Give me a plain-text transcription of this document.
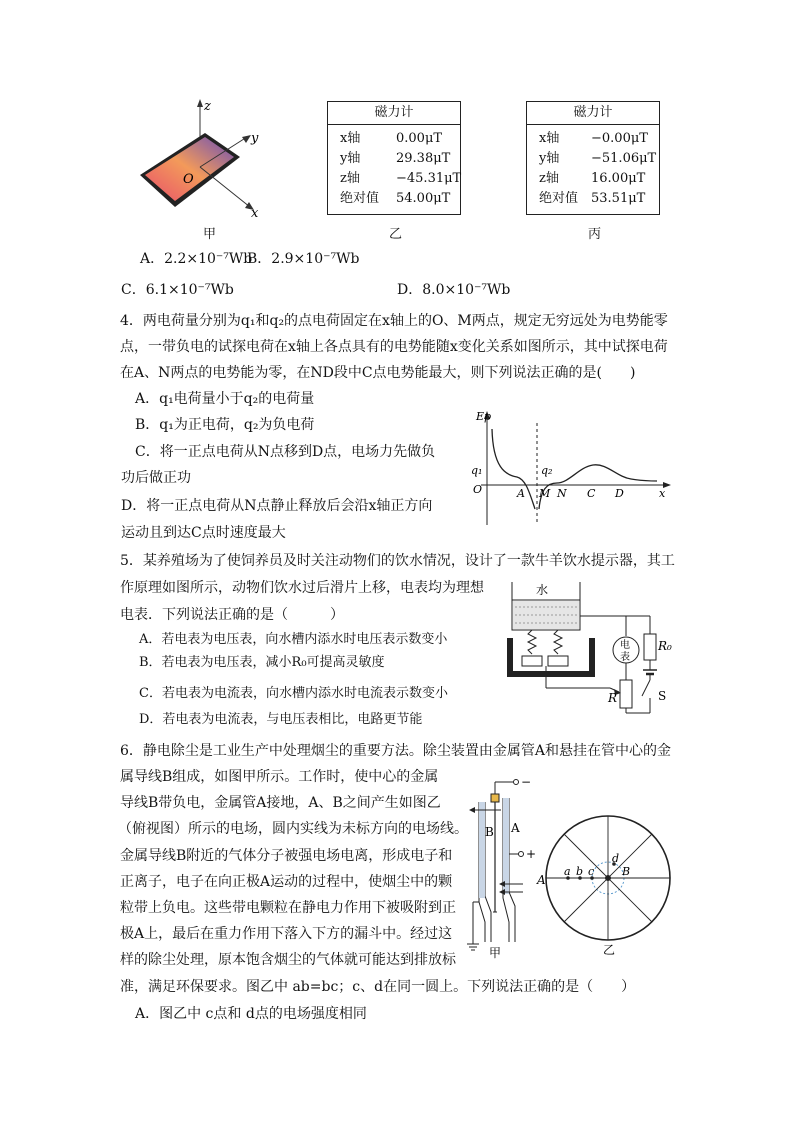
z
y
O
x
甲
磁力计
x轴	0.00μT
y轴	29.38μT
z轴	−45.31μT
绝对值 54.00μT
乙
磁力计
x轴 −0.00μT
y轴 −51.06μT
z轴 16.00μT
绝对值 53.51μT
丙
A．2.2×10⁻⁷Wb
B．2.9×10⁻⁷Wb
C．6.1×10⁻⁷Wb	D．8.0×10⁻⁷Wb
4．两电荷量分别为q₁和q₂的点电荷固定在x轴上的O、M两点，规定无穷远处为电势能零
点，一带负电的试探电荷在x轴上各点具有的电势能随x变化关系如图所示，其中试探电荷
在A、N两点的电势能为零，在ND段中C点电势能最大，则下列说法正确的是(　　)
A．q₁电荷量小于q₂的电荷量
B．q₁为正电荷，q₂为负电荷
C．将一正点电荷从N点移到D点，电场力先做负
功后做正功
D．将一正点电荷从N点静止释放后会沿x轴正方向
运动且到达C点时速度最大
Ep
q₁	q₂
O	A M N C D	x
5．某养殖场为了使饲养员及时关注动物们的饮水情况，设计了一款牛羊饮水提示器，其工
作原理如图所示，动物们饮水过后滑片上移，电表均为理想
电表．下列说法正确的是（　　　）
A．若电表为电压表，向水槽内添水时电压表示数变小
B．若电表为电压表，减小R₀可提高灵敏度
C．若电表为电流表，向水槽内添水时电流表示数变小
D．若电表为电流表，与电压表相比，电路更节能
水
电
表
R₀
R	S
6．静电除尘是工业生产中处理烟尘的重要方法。除尘装置由金属管A和悬挂在管中心的金
属导线B组成，如图甲所示。工作时，使中心的金属
导线B带负电，金属管A接地，A、B之间产生如图乙
（俯视图）所示的电场，圆内实线为未标方向的电场线。
金属导线B附近的气体分子被强电场电离，形成电子和
正离子，电子在向正极A运动的过程中，使烟尘中的颗
粒带上负电。这些带电颗粒在静电力作用下被吸附到正
极A上，最后在重力作用下落入下方的漏斗中。经过这
样的除尘处理，原本饱含烟尘的气体就可能达到排放标
准，满足环保要求。图乙中 ab=bc；c、d在同一圆上。下列说法正确的是（　　）
A．图乙中 c点和 d点的电场强度相同
−
+
A
B
甲
A
a b c
d
B
乙
